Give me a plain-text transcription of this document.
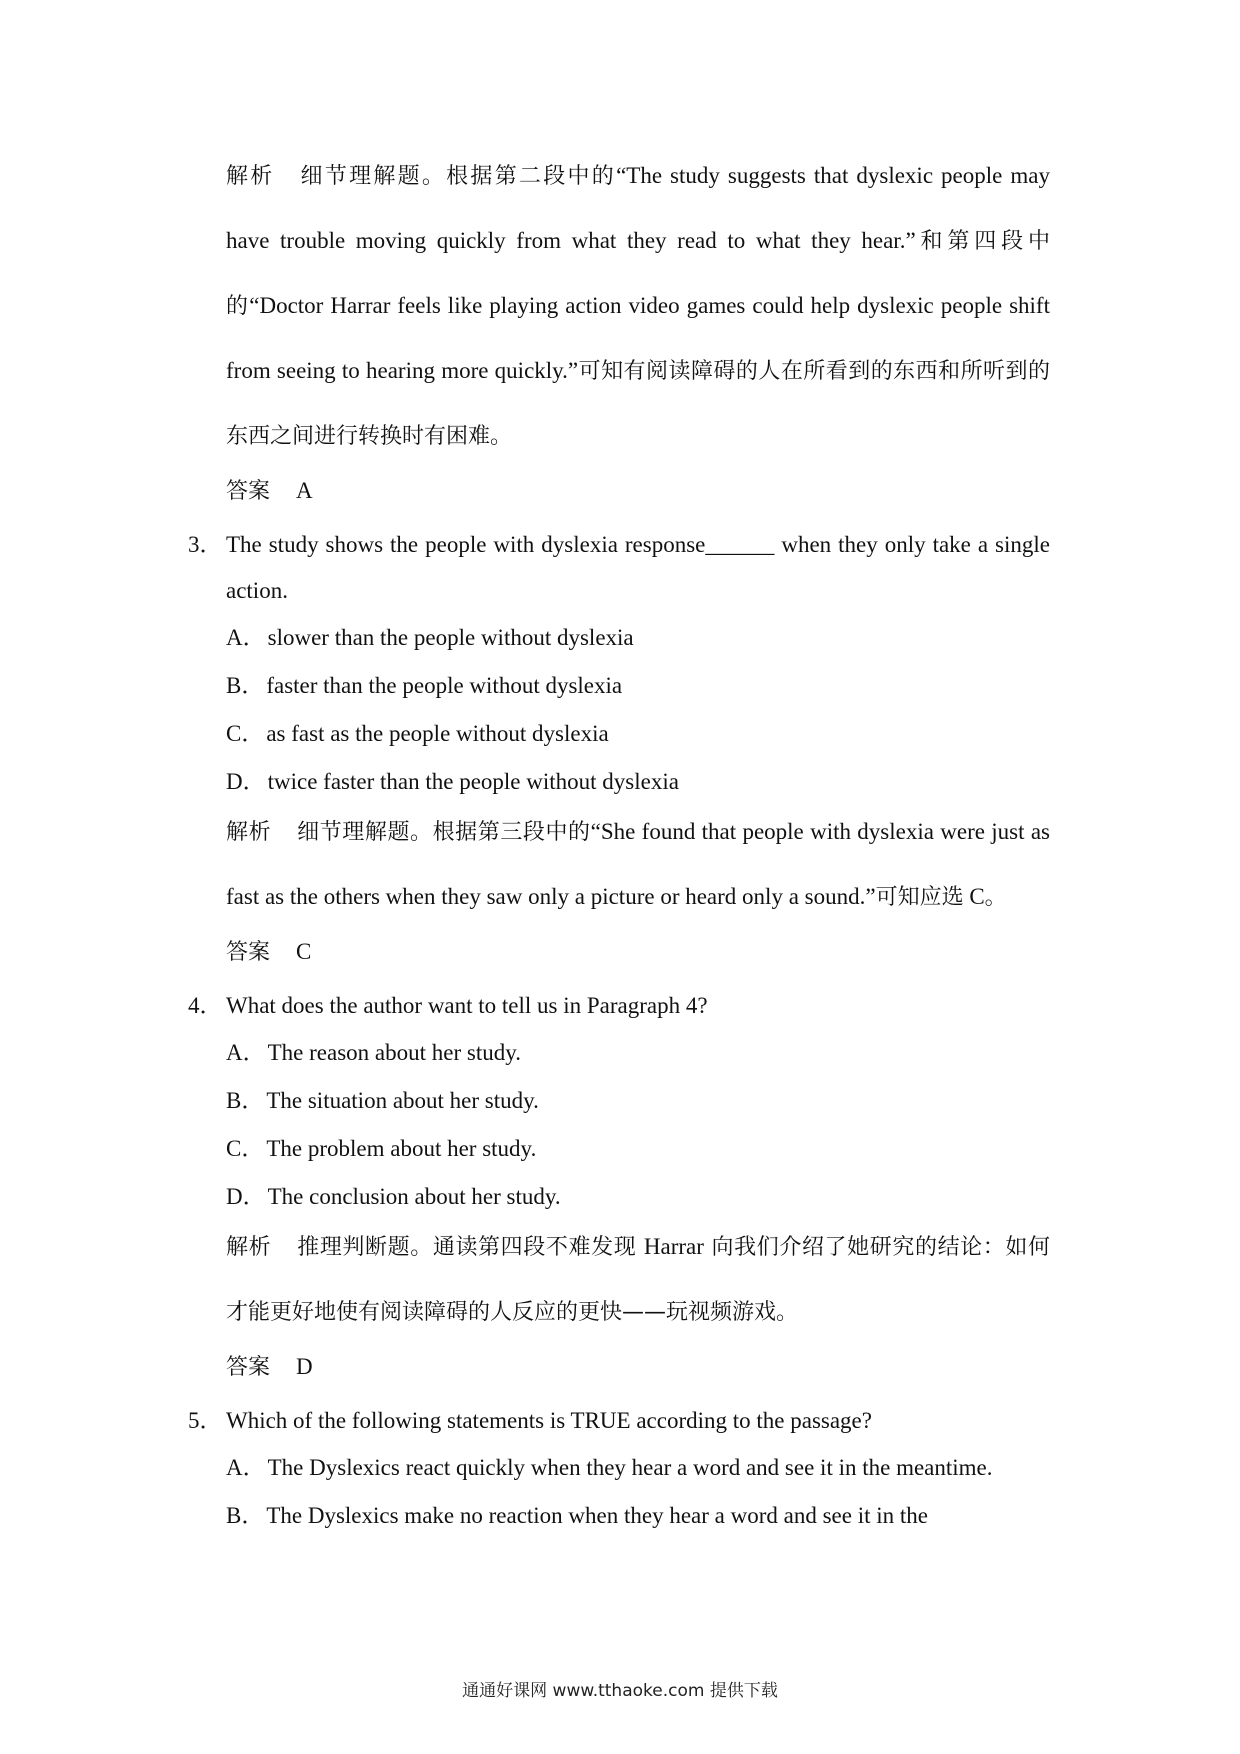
解析 细节理解题。根据第二段中的“The study suggests that dyslexic people may have trouble moving quickly from what they read to what they hear.”和第四段中的“Doctor Harrar feels like playing action video games could help dyslexic people shift from seeing to hearing more quickly.”可知有阅读障碍的人在所看到的东西和所听到的东西之间进行转换时有困难。

答案 A

3． The study shows the people with dyslexia response______ when they only take a single action.

A．slower than the people without dyslexia

B．faster than the people without dyslexia

C．as fast as the people without dyslexia

D．twice faster than the people without dyslexia

解析 细节理解题。根据第三段中的“She found that people with dyslexia were just as fast as the others when they saw only a picture or heard only a sound.”可知应选 C。

答案 C

4． What does the author want to tell us in Paragraph 4?

A．The reason about her study.

B．The situation about her study.

C．The problem about her study.

D．The conclusion about her study.

解析 推理判断题。通读第四段不难发现 Harrar 向我们介绍了她研究的结论：如何才能更好地使有阅读障碍的人反应的更快——玩视频游戏。

答案 D

5． Which of the following statements is TRUE according to the passage?

A．The Dyslexics react quickly when they hear a word and see it in the meantime.

B．The Dyslexics make no reaction when they hear a word and see it in the

通通好课网 www.tthaoke.com 提供下载
